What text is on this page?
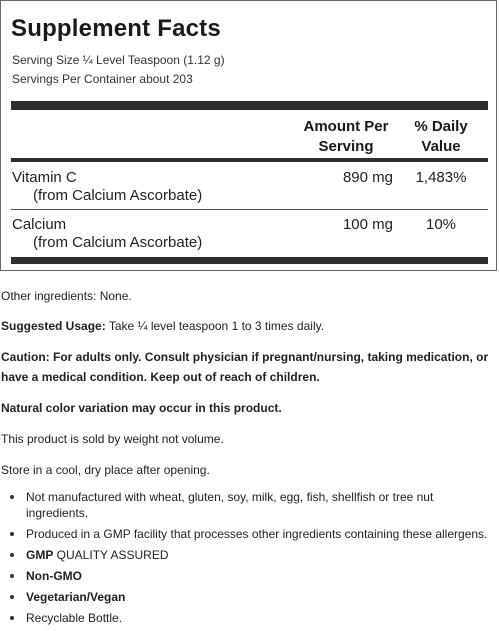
Supplement Facts
Serving Size ¼ Level Teaspoon (1.12 g)
Servings Per Container about 203
Amount Per
Serving
% Daily
Value
Vitamin C
(from Calcium Ascorbate)
890 mg	1,483%
Calcium
(from Calcium Ascorbate)
100 mg	10%
Other ingredients: None.
Suggested Usage: Take ¼ level teaspoon 1 to 3 times daily.
Caution: For adults only. Consult physician if pregnant/nursing, taking medication, or
have a medical condition. Keep out of reach of children.
Natural color variation may occur in this product.
This product is sold by weight not volume.
Store in a cool, dry place after opening.
Not manufactured with wheat, gluten, soy, milk, egg, fish, shellfish or tree nut
ingredients.
Produced in a GMP facility that processes other ingredients containing these allergens.
GMP QUALITY ASSURED
Non-GMO
Vegetarian/Vegan
Recyclable Bottle.
